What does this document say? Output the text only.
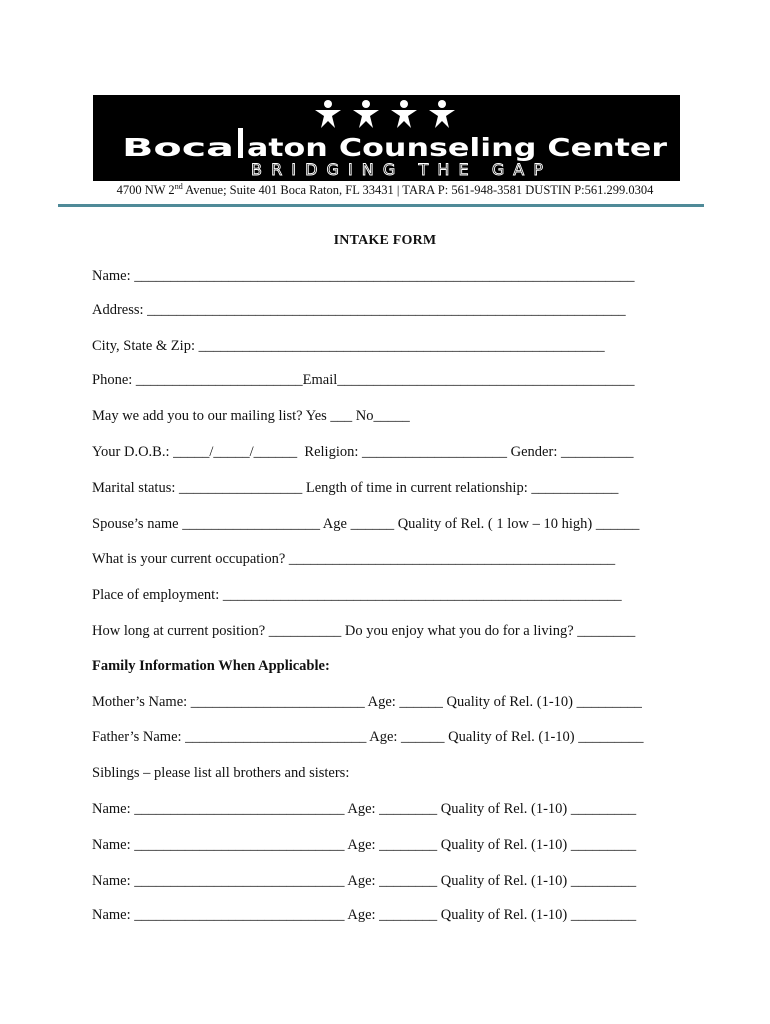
Boca aton Counseling Center
BRIDGING THE GAP
4700 NW 2nd Avenue; Suite 401 Boca Raton, FL 33431 | TARA P: 561-948-3581 DUSTIN P:561.299.0304
INTAKE FORM
Name: _____________________________________________________________________
Address: __________________________________________________________________
City, State & Zip: ________________________________________________________
Phone: _______________________Email_________________________________________
May we add you to our mailing list? Yes ___ No_____
Your D.O.B.: _____/_____/______  Religion: ____________________ Gender: __________
Marital status: _________________ Length of time in current relationship: ____________
Spouse’s name ___________________ Age ______ Quality of Rel. ( 1 low – 10 high) ______
What is your current occupation? _____________________________________________
Place of employment: _______________________________________________________
How long at current position? __________ Do you enjoy what you do for a living? ________
Family Information When Applicable:
Mother’s Name: ________________________ Age: ______ Quality of Rel. (1-10) _________
Father’s Name: _________________________ Age: ______ Quality of Rel. (1-10) _________
Siblings – please list all brothers and sisters:
Name: _____________________________ Age: ________ Quality of Rel. (1-10) _________
Name: _____________________________ Age: ________ Quality of Rel. (1-10) _________
Name: _____________________________ Age: ________ Quality of Rel. (1-10) _________
Name: _____________________________ Age: ________ Quality of Rel. (1-10) _________
